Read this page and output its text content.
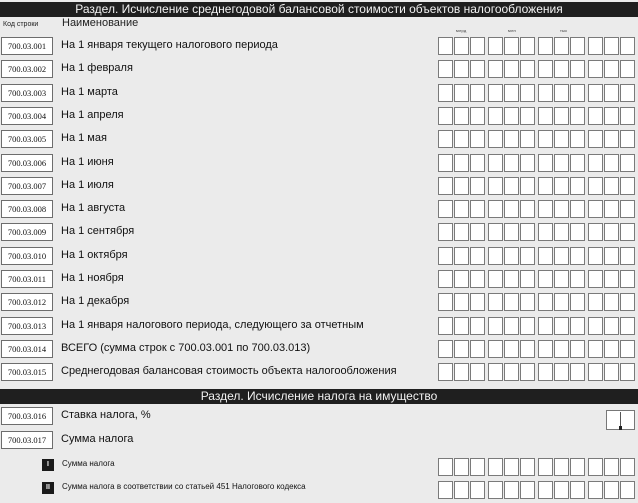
Раздел. Исчисление среднегодовой балансовой стоимости объектов налогообложения
Код строки Наименование
млрд	млн	тыс
700.03.001	На 1 января текущего налогового периода
700.03.002	На 1 февраля
700.03.003	На 1 марта
700.03.004	На 1 апреля
700.03.005	На 1 мая
700.03.006	На 1 июня
700.03.007	На 1 июля
700.03.008	На 1 августа
700.03.009	На 1 сентября
700.03.010	На 1 октября
700.03.011	На 1 ноября
700.03.012	На 1 декабря
700.03.013	На 1 января налогового периода, следующего за отчетным
700.03.014	ВСЕГО (сумма строк с 700.03.001 по 700.03.013)
700.03.015	Среднегодовая балансовая стоимость объекта налогообложения
Раздел. Исчисление налога на имущество
700.03.016	Ставка налога, %
700.03.017	Сумма налога
I	Сумма налога
II	Сумма налога в соответствии со статьей 451 Налогового кодекса
